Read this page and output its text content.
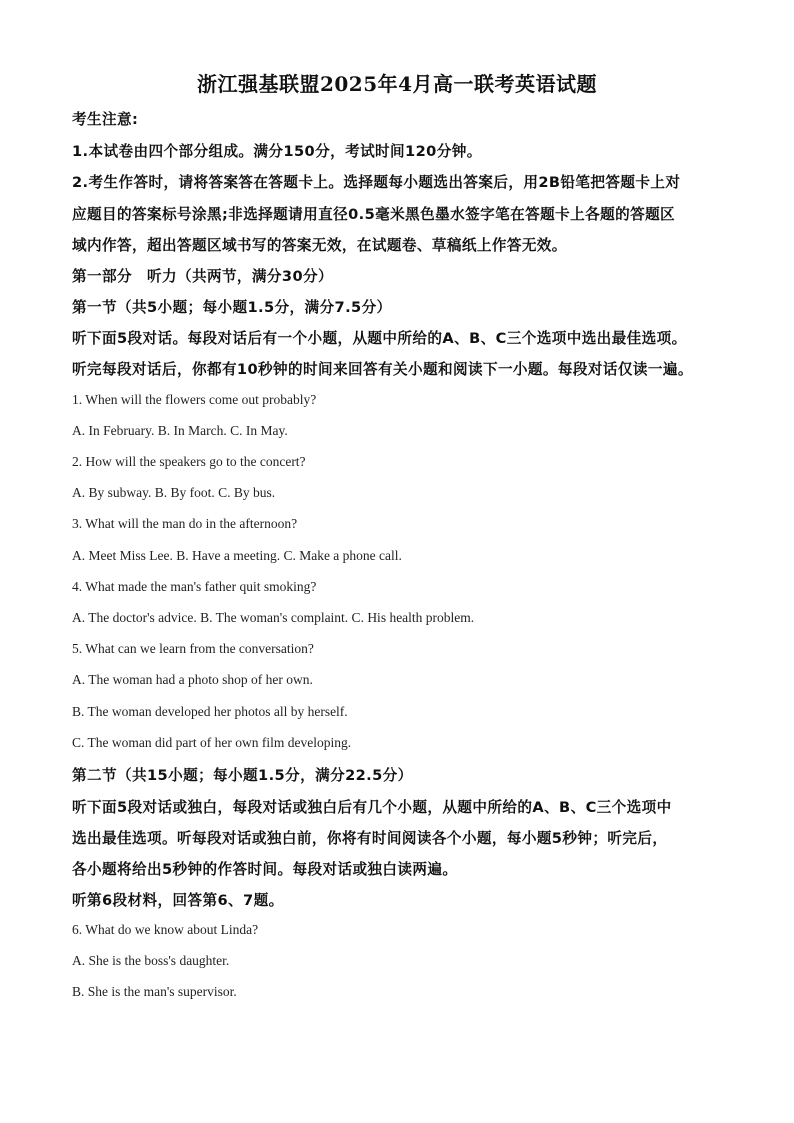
浙江强基联盟2025年4月高一联考英语试题
考生注意:
1.本试卷由四个部分组成。满分150分，考试时间120分钟。
2.考生作答时，请将答案答在答题卡上。选择题每小题选出答案后，用2B铅笔把答题卡上对
应题目的答案标号涂黑;非选择题请用直径0.5毫米黑色墨水签字笔在答题卡上各题的答题区
域内作答，超出答题区域书写的答案无效，在试题卷、草稿纸上作答无效。
第一部分　听力（共两节，满分30分）
第一节（共5小题；每小题1.5分，满分7.5分）
听下面5段对话。每段对话后有一个小题，从题中所给的A、B、C三个选项中选出最佳选项。
听完每段对话后，你都有10秒钟的时间来回答有关小题和阅读下一小题。每段对话仅读一遍。
1. When will the flowers come out probably?
A. In February. B. In March. C. In May.
2. How will the speakers go to the concert?
A. By subway. B. By foot. C. By bus.
3. What will the man do in the afternoon?
A. Meet Miss Lee. B. Have a meeting. C. Make a phone call.
4. What made the man's father quit smoking?
A. The doctor's advice. B. The woman's complaint. C. His health problem.
5. What can we learn from the conversation?
A. The woman had a photo shop of her own.
B. The woman developed her photos all by herself.
C. The woman did part of her own film developing.
第二节（共15小题；每小题1.5分，满分22.5分）
听下面5段对话或独白，每段对话或独白后有几个小题，从题中所给的A、B、C三个选项中
选出最佳选项。听每段对话或独白前，你将有时间阅读各个小题，每小题5秒钟；听完后，
各小题将给出5秒钟的作答时间。每段对话或独白读两遍。
听第6段材料，回答第6、7题。
6. What do we know about Linda?
A. She is the boss's daughter.
B. She is the man's supervisor.
